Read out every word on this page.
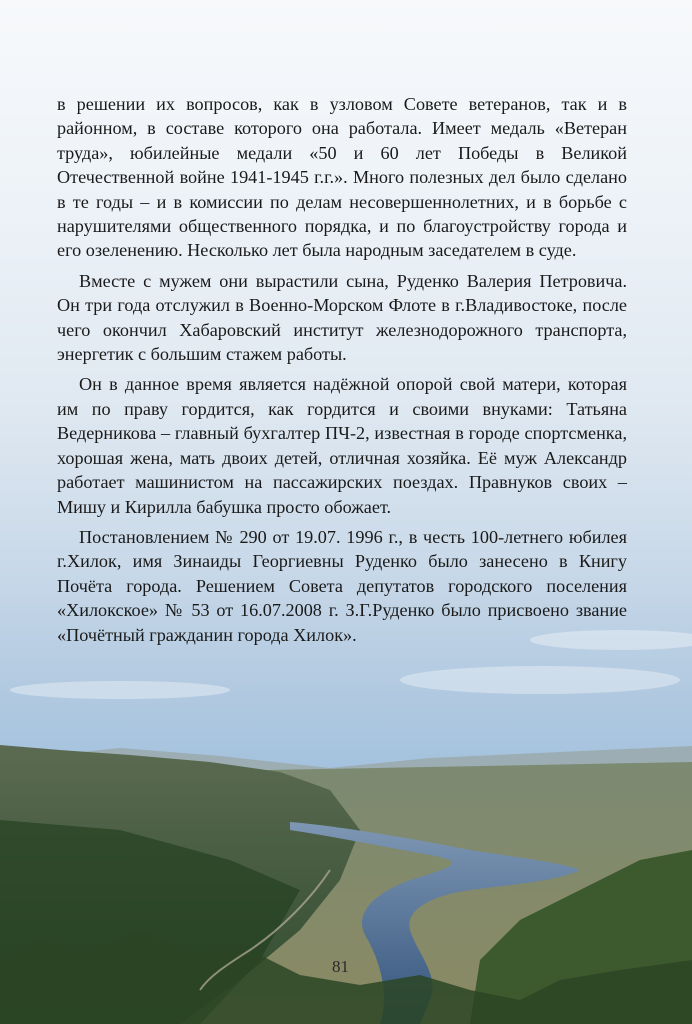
в решении их вопросов, как в узловом Совете ветеранов, так и в районном, в составе которого она работала. Имеет медаль «Ветеран труда», юбилейные медали «50 и 60 лет Победы в Великой Отечественной войне 1941-1945 г.г.». Много полезных дел было сделано в те годы – и в комиссии по делам несовершеннолетних, и в борьбе с нарушителями общественного порядка, и по благоустройству города и его озеленению. Несколько лет была народным заседателем в суде.

Вместе с мужем они вырастили сына, Руденко Валерия Петровича. Он три года отслужил в Военно-Морском Флоте в г.Владивостоке, после чего окончил Хабаровский институт железнодорожного транспорта, энергетик с большим стажем работы.

Он в данное время является надёжной опорой свой матери, которая им по праву гордится, как гордится и своими внуками: Татьяна Ведерникова – главный бухгалтер ПЧ-2, известная в городе спортсменка, хорошая жена, мать двоих детей, отличная хозяйка. Её муж Александр работает машинистом на пассажирских поездах. Правнуков своих – Мишу и Кирилла бабушка просто обожает.

Постановлением № 290 от 19.07. 1996 г., в честь 100-летнего юбилея г.Хилок, имя Зинаиды Георгиевны Руденко было занесено в Книгу Почёта города. Решением Совета депутатов городского поселения «Хилокское» № 53 от 16.07.2008 г. З.Г.Руденко было присвоено звание «Почётный гражданин города Хилок».

81
